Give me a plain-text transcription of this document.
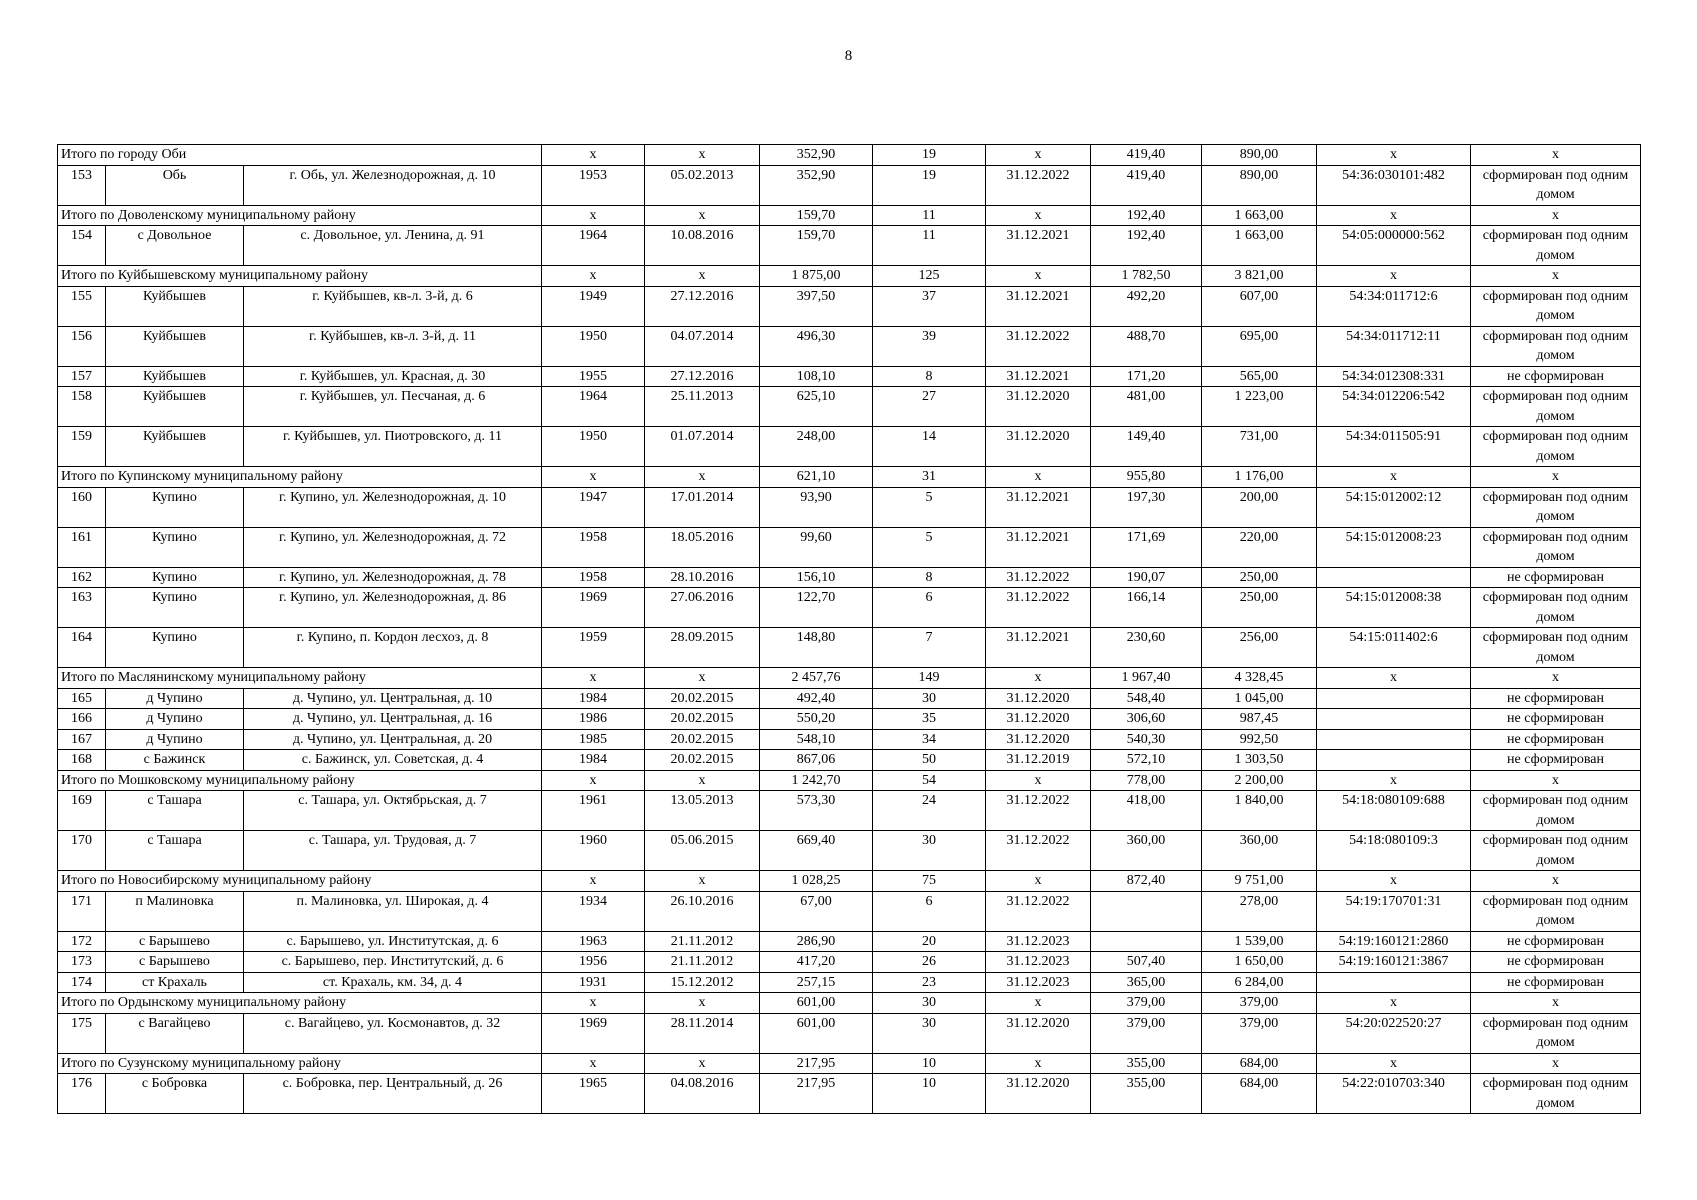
8
Итого по городу Оби			x	x	352,90	19	x	419,40	890,00	x	x
153	Обь	г. Обь, ул. Железнодорожная, д. 10	1953	05.02.2013	352,90	19	31.12.2022	419,40	890,00	54:36:030101:482	сформирован под одним домом
Итого по Доволенскому муниципальному району			x	x	159,70	11	x	192,40	1 663,00	x	x
154	с Довольное	с. Довольное, ул. Ленина, д. 91	1964	10.08.2016	159,70	11	31.12.2021	192,40	1 663,00	54:05:000000:562	сформирован под одним домом
Итого по Куйбышевскому муниципальному району			x	x	1 875,00	125	x	1 782,50	3 821,00	x	x
155	Куйбышев	г. Куйбышев, кв-л. 3-й, д. 6	1949	27.12.2016	397,50	37	31.12.2021	492,20	607,00	54:34:011712:6	сформирован под одним домом
156	Куйбышев	г. Куйбышев, кв-л. 3-й, д. 11	1950	04.07.2014	496,30	39	31.12.2022	488,70	695,00	54:34:011712:11	сформирован под одним домом
157	Куйбышев	г. Куйбышев, ул. Красная, д. 30	1955	27.12.2016	108,10	8	31.12.2021	171,20	565,00	54:34:012308:331	не сформирован
158	Куйбышев	г. Куйбышев, ул. Песчаная, д. 6	1964	25.11.2013	625,10	27	31.12.2020	481,00	1 223,00	54:34:012206:542	сформирован под одним домом
159	Куйбышев	г. Куйбышев, ул. Пиотровского, д. 11	1950	01.07.2014	248,00	14	31.12.2020	149,40	731,00	54:34:011505:91	сформирован под одним домом
Итого по Купинскому муниципальному району			x	x	621,10	31	x	955,80	1 176,00	x	x
160	Купино	г. Купино, ул. Железнодорожная, д. 10	1947	17.01.2014	93,90	5	31.12.2021	197,30	200,00	54:15:012002:12	сформирован под одним домом
161	Купино	г. Купино, ул. Железнодорожная, д. 72	1958	18.05.2016	99,60	5	31.12.2021	171,69	220,00	54:15:012008:23	сформирован под одним домом
162	Купино	г. Купино, ул. Железнодорожная, д. 78	1958	28.10.2016	156,10	8	31.12.2022	190,07	250,00		не сформирован
163	Купино	г. Купино, ул. Железнодорожная, д. 86	1969	27.06.2016	122,70	6	31.12.2022	166,14	250,00	54:15:012008:38	сформирован под одним домом
164	Купино	г. Купино, п. Кордон лесхоз, д. 8	1959	28.09.2015	148,80	7	31.12.2021	230,60	256,00	54:15:011402:6	сформирован под одним домом
Итого по Маслянинскому муниципальному району			x	x	2 457,76	149	x	1 967,40	4 328,45	x	x
165	д Чупино	д. Чупино, ул. Центральная, д. 10	1984	20.02.2015	492,40	30	31.12.2020	548,40	1 045,00		не сформирован
166	д Чупино	д. Чупино, ул. Центральная, д. 16	1986	20.02.2015	550,20	35	31.12.2020	306,60	987,45		не сформирован
167	д Чупино	д. Чупино, ул. Центральная, д. 20	1985	20.02.2015	548,10	34	31.12.2020	540,30	992,50		не сформирован
168	с Бажинск	с. Бажинск, ул. Советская, д. 4	1984	20.02.2015	867,06	50	31.12.2019	572,10	1 303,50		не сформирован
Итого по Мошковскому муниципальному району			x	x	1 242,70	54	x	778,00	2 200,00	x	x
169	с Ташара	с. Ташара, ул. Октябрьская, д. 7	1961	13.05.2013	573,30	24	31.12.2022	418,00	1 840,00	54:18:080109:688	сформирован под одним домом
170	с Ташара	с. Ташара, ул. Трудовая, д. 7	1960	05.06.2015	669,40	30	31.12.2022	360,00	360,00	54:18:080109:3	сформирован под одним домом
Итого по Новосибирскому муниципальному району			x	x	1 028,25	75	x	872,40	9 751,00	x	x
171	п Малиновка	п. Малиновка, ул. Широкая, д. 4	1934	26.10.2016	67,00	6	31.12.2022		278,00	54:19:170701:31	сформирован под одним домом
172	с Барышево	с. Барышево, ул. Институтская, д. 6	1963	21.11.2012	286,90	20	31.12.2023		1 539,00	54:19:160121:2860	не сформирован
173	с Барышево	с. Барышево, пер. Институтский, д. 6	1956	21.11.2012	417,20	26	31.12.2023	507,40	1 650,00	54:19:160121:3867	не сформирован
174	ст Крахаль	ст. Крахаль, км. 34, д. 4	1931	15.12.2012	257,15	23	31.12.2023	365,00	6 284,00		не сформирован
Итого по Ордынскому муниципальному району			x	x	601,00	30	x	379,00	379,00	x	x
175	с Вагайцево	с. Вагайцево, ул. Космонавтов, д. 32	1969	28.11.2014	601,00	30	31.12.2020	379,00	379,00	54:20:022520:27	сформирован под одним домом
Итого по Сузунскому муниципальному району			x	x	217,95	10	x	355,00	684,00	x	x
176	с Бобровка	с. Бобровка, пер. Центральный, д. 26	1965	04.08.2016	217,95	10	31.12.2020	355,00	684,00	54:22:010703:340	сформирован под одним домом
